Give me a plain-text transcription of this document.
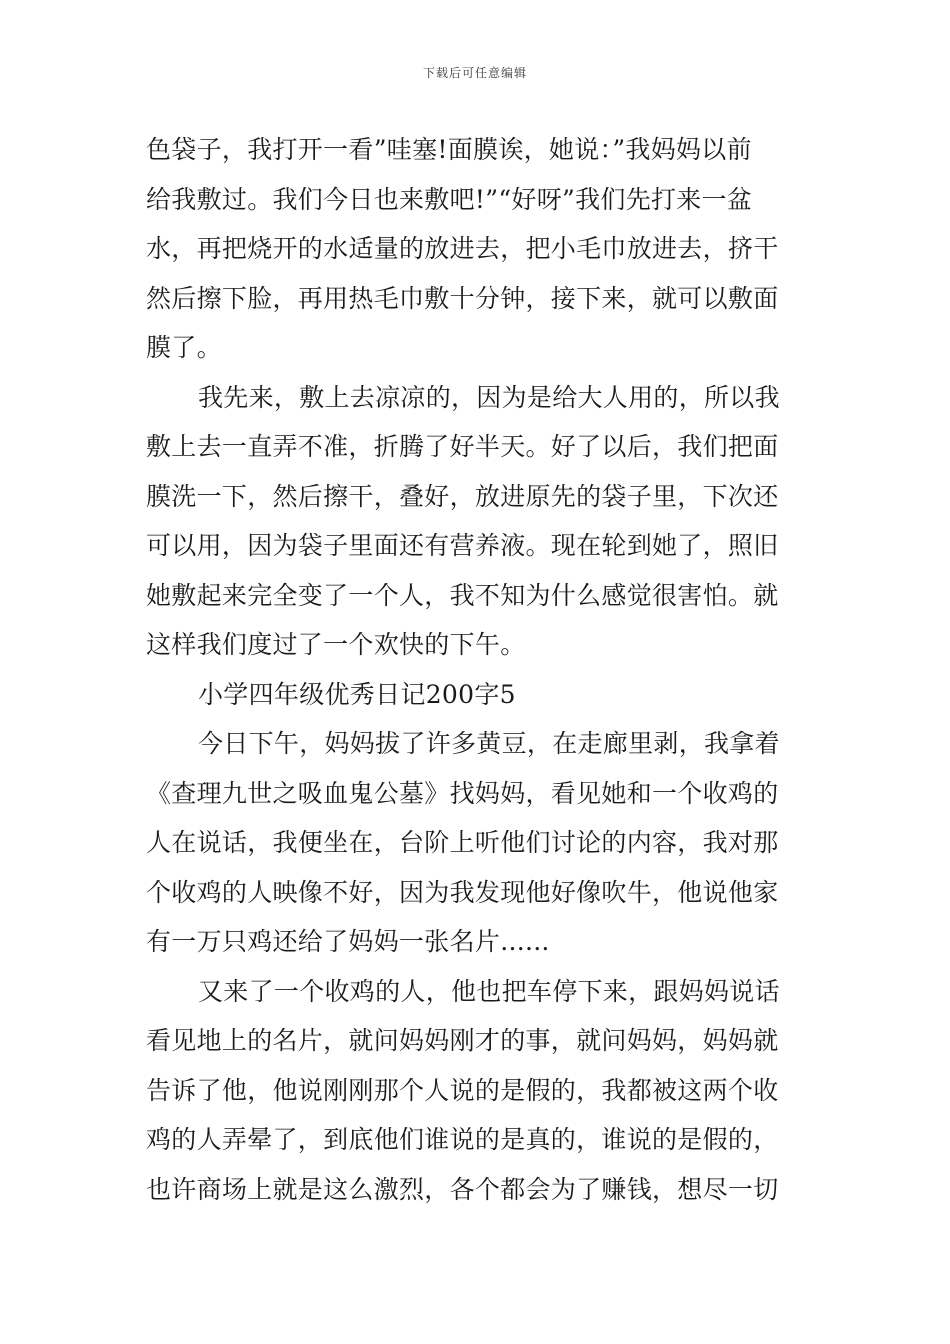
下载后可任意编辑
色袋子，我打开一看”哇塞!面膜诶，她说：”我妈妈以前
给我敷过。我们今日也来敷吧!”“好呀”我们先打来一盆
水，再把烧开的水适量的放进去，把小毛巾放进去，挤干
然后擦下脸，再用热毛巾敷十分钟，接下来，就可以敷面
膜了。
我先来，敷上去凉凉的，因为是给大人用的，所以我
敷上去一直弄不准，折腾了好半天。好了以后，我们把面
膜洗一下，然后擦干，叠好，放进原先的袋子里，下次还
可以用，因为袋子里面还有营养液。现在轮到她了，照旧
她敷起来完全变了一个人，我不知为什么感觉很害怕。就
这样我们度过了一个欢快的下午。
小学四年级优秀日记200字5
今日下午，妈妈拔了许多黄豆，在走廊里剥，我拿着
《查理九世之吸血鬼公墓》找妈妈，看见她和一个收鸡的
人在说话，我便坐在，台阶上听他们讨论的内容，我对那
个收鸡的人映像不好，因为我发现他好像吹牛，他说他家
有一万只鸡还给了妈妈一张名片......
又来了一个收鸡的人，他也把车停下来，跟妈妈说话
看见地上的名片，就问妈妈刚才的事，就问妈妈，妈妈就
告诉了他，他说刚刚那个人说的是假的，我都被这两个收
鸡的人弄晕了，到底他们谁说的是真的，谁说的是假的，
也许商场上就是这么激烈，各个都会为了赚钱，想尽一切
